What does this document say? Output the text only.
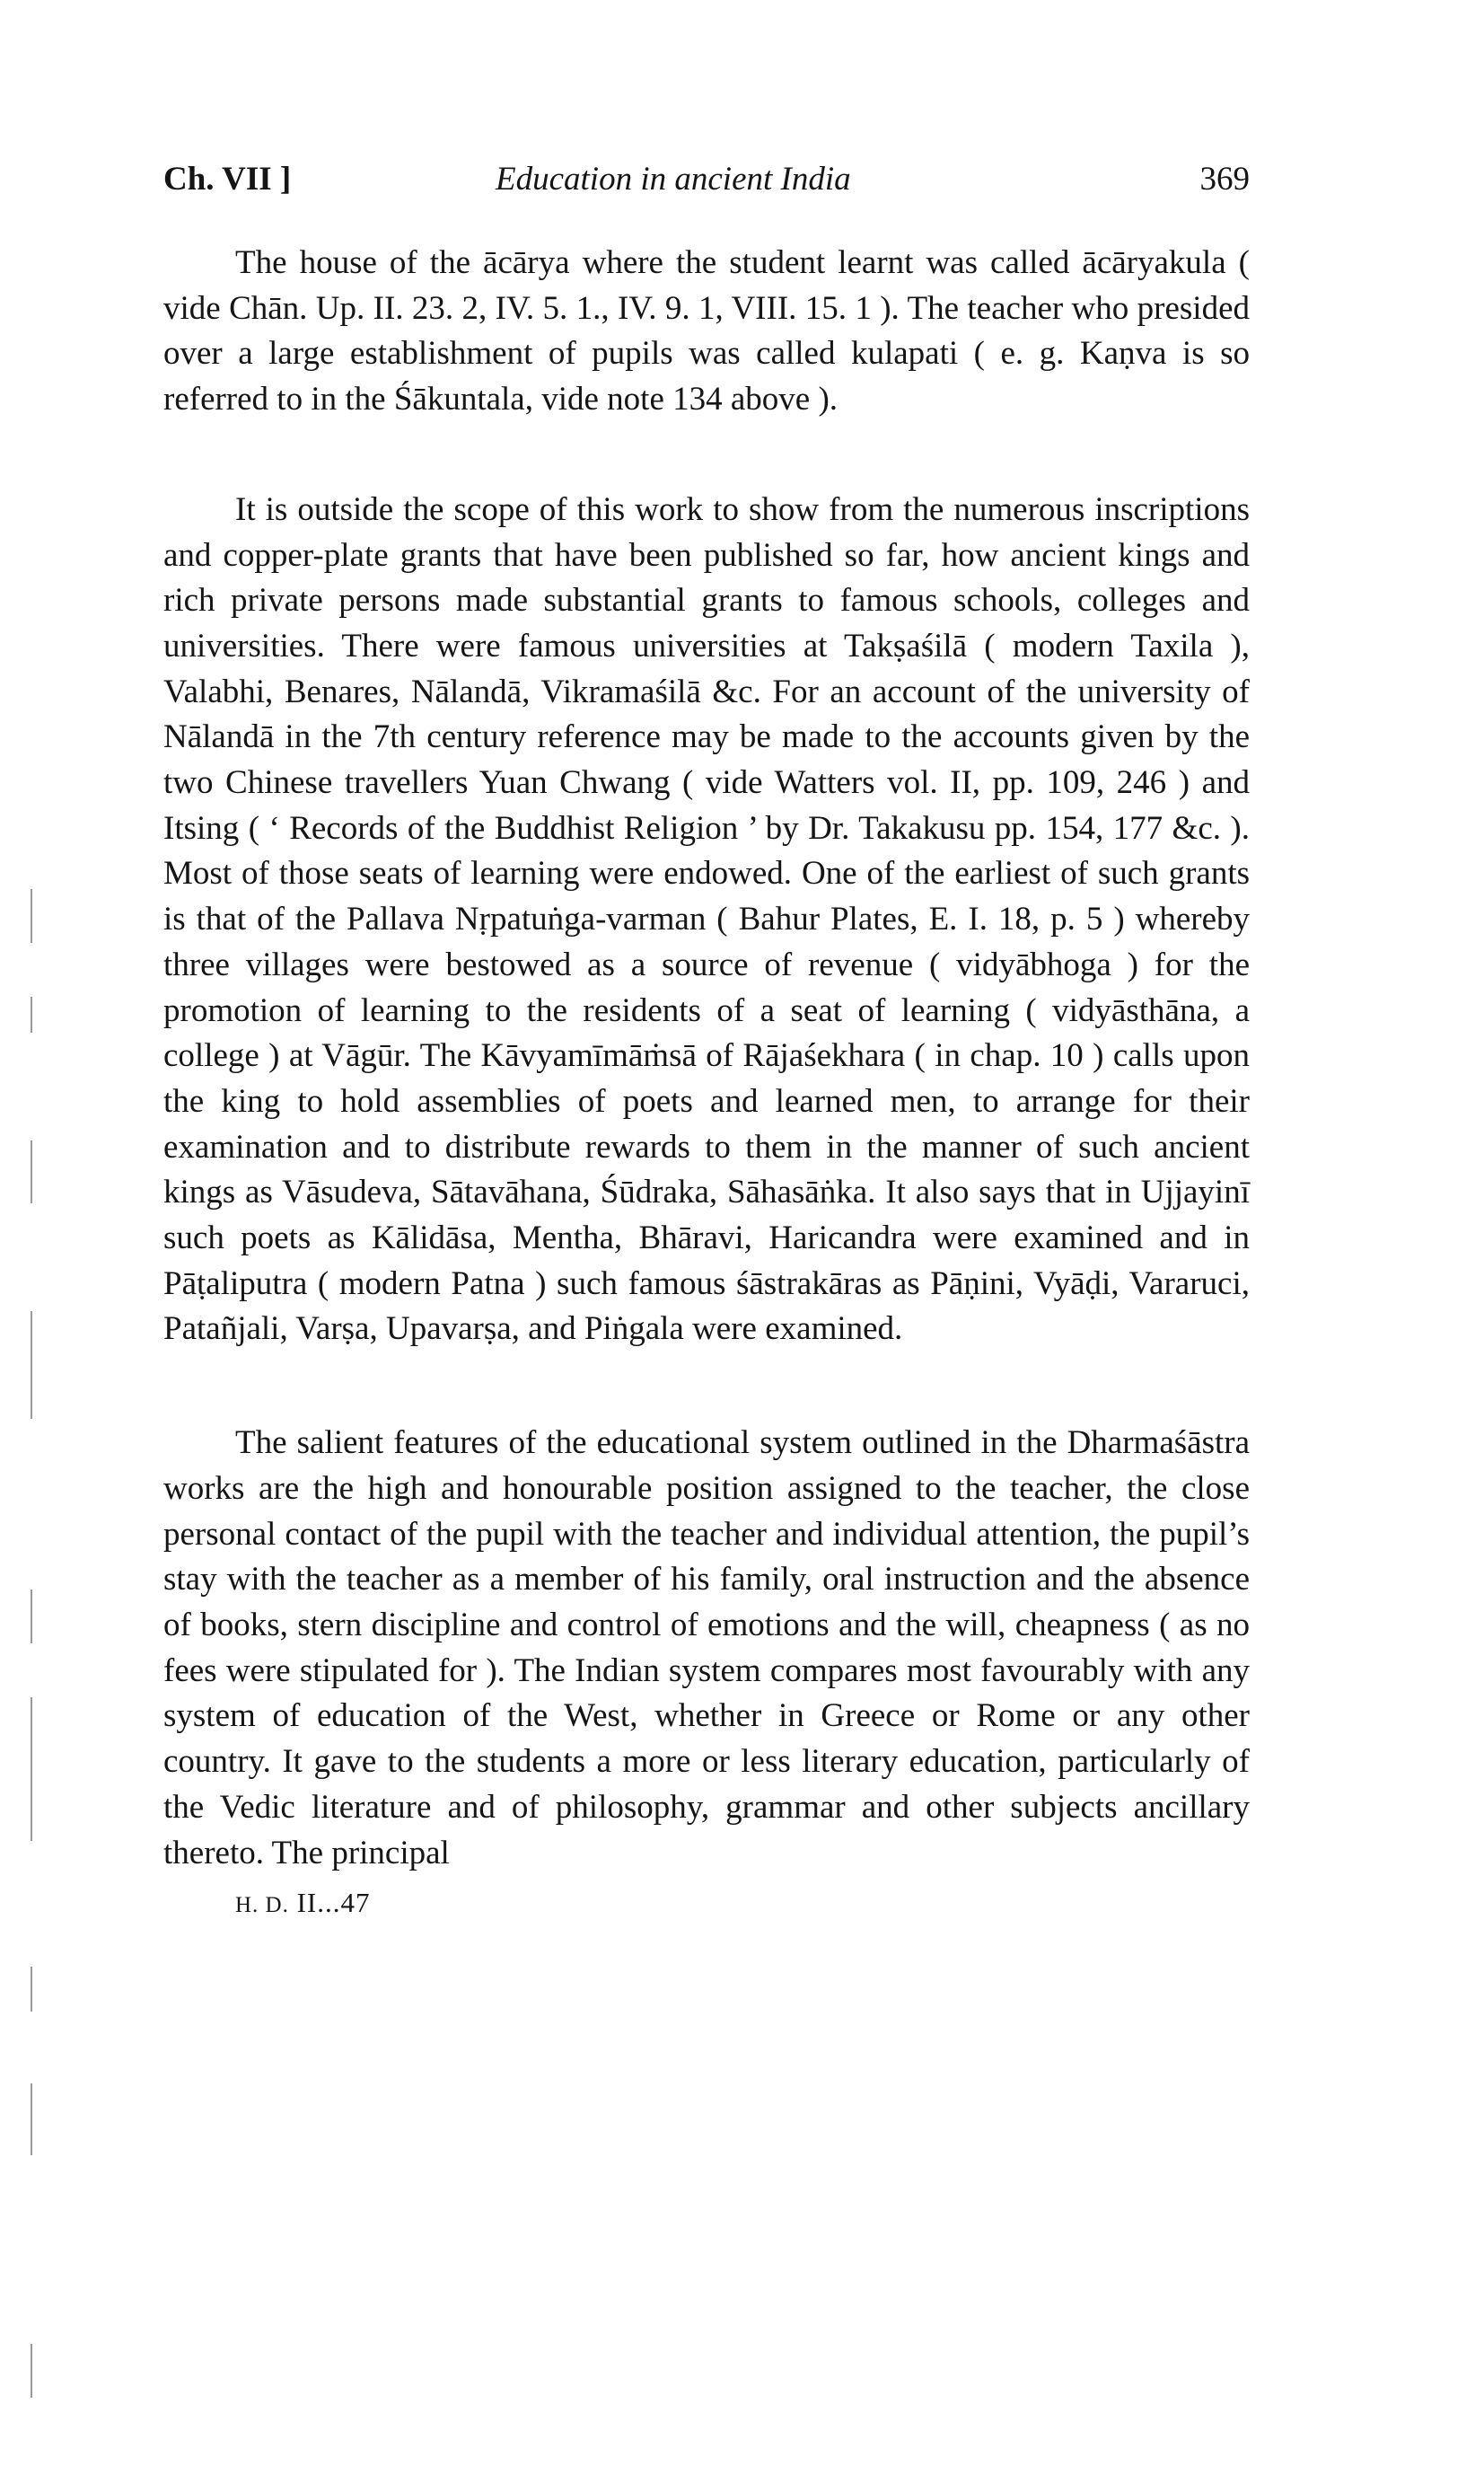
Ch. VII ]	Education in ancient India	369

The house of the ācārya where the student learnt was called ācāryakula ( vide Chān. Up. II. 23. 2, IV. 5. 1., IV. 9. 1, VIII. 15. 1 ). The teacher who presided over a large establishment of pupils was called kulapati ( e. g. Kaṇva is so referred to in the Śākuntala, vide note 134 above ).

It is outside the scope of this work to show from the numerous inscriptions and copper-plate grants that have been published so far, how ancient kings and rich private persons made substantial grants to famous schools, colleges and universities. There were famous universities at Takṣaśilā ( modern Taxila ), Valabhi, Benares, Nālandā, Vikramaśilā &c. For an account of the university of Nālandā in the 7th century reference may be made to the accounts given by the two Chinese travellers Yuan Chwang ( vide Watters vol. II, pp. 109, 246 ) and Itsing ( ‘ Records of the Buddhist Religion ’ by Dr. Takakusu pp. 154, 177 &c. ). Most of those seats of learning were endowed. One of the earliest of such grants is that of the Pallava Nṛpatuṅga-varman ( Bahur Plates, E. I. 18, p. 5 ) whereby three villages were bestowed as a source of revenue ( vidyābhoga ) for the promotion of learning to the residents of a seat of learning ( vidyāsthāna, a college ) at Vāgūr. The Kāvyamīmāṁsā of Rājaśekhara ( in chap. 10 ) calls upon the king to hold assemblies of poets and learned men, to arrange for their examination and to distribute rewards to them in the manner of such ancient kings as Vāsudeva, Sātavāhana, Śūdraka, Sāhasāṅka. It also says that in Ujjayinī such poets as Kālidāsa, Mentha, Bhāravi, Haricandra were examined and in Pāṭaliputra ( modern Patna ) such famous śāstrakāras as Pāṇini, Vyāḍi, Vararuci, Patañjali, Varṣa, Upavarṣa, and Piṅgala were examined.

The salient features of the educational system outlined in the Dharmaśāstra works are the high and honourable position assigned to the teacher, the close personal contact of the pupil with the teacher and individual attention, the pupil’s stay with the teacher as a member of his family, oral instruction and the absence of books, stern discipline and control of emotions and the will, cheapness ( as no fees were stipulated for ). The Indian system compares most favourably with any system of education of the West, whether in Greece or Rome or any other country. It gave to the students a more or less literary education, particularly of the Vedic literature and of philosophy, grammar and other subjects ancillary thereto. The principal

H. D. II...47
